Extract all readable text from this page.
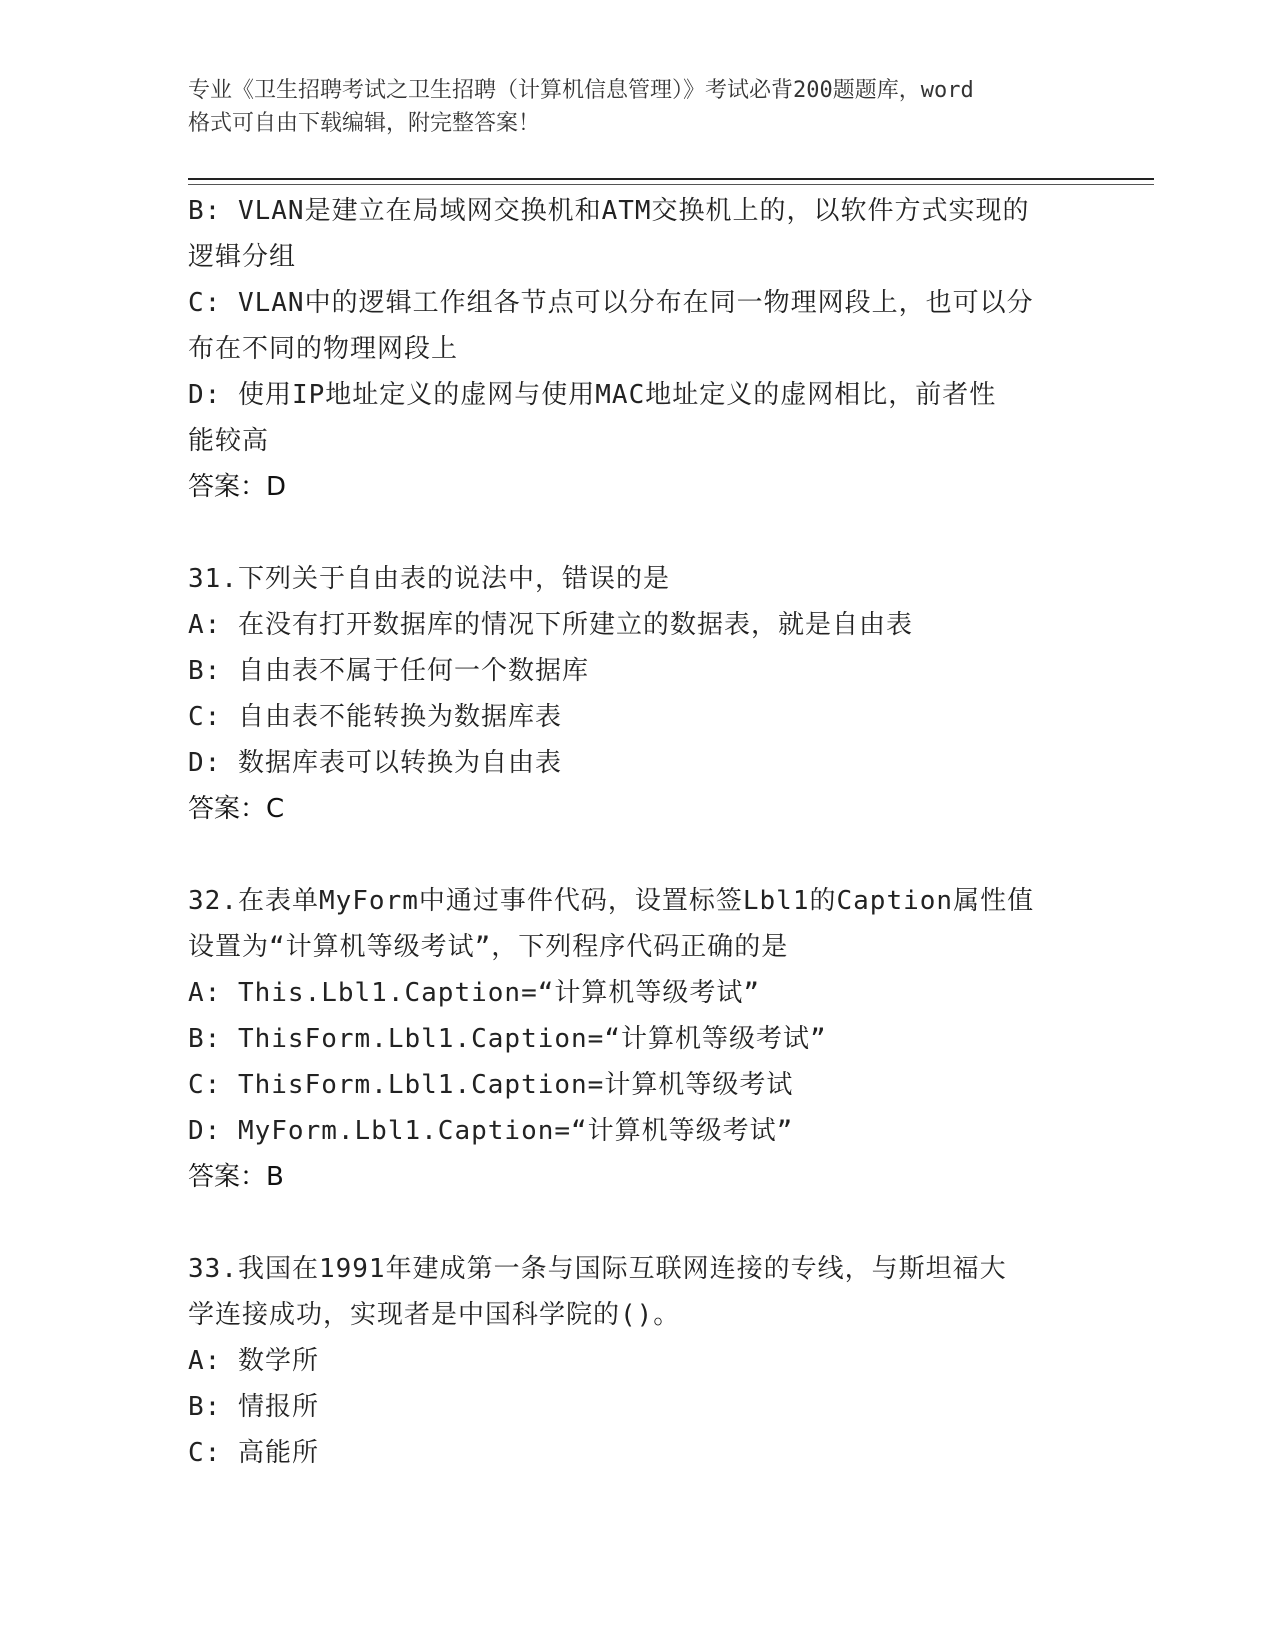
专业《卫生招聘考试之卫生招聘（计算机信息管理）》考试必背200题题库，word
格式可自由下载编辑，附完整答案！
B: VLAN是建立在局域网交换机和ATM交换机上的，以软件方式实现的
逻辑分组
C: VLAN中的逻辑工作组各节点可以分布在同一物理网段上，也可以分
布在不同的物理网段上
D: 使用IP地址定义的虚网与使用MAC地址定义的虚网相比，前者性
能较高
答案：D
31.下列关于自由表的说法中，错误的是
A: 在没有打开数据库的情况下所建立的数据表，就是自由表
B: 自由表不属于任何一个数据库
C: 自由表不能转换为数据库表
D: 数据库表可以转换为自由表
答案：C
32.在表单MyForm中通过事件代码，设置标签Lbl1的Caption属性值
设置为“计算机等级考试”，下列程序代码正确的是
A: This.Lbl1.Caption=“计算机等级考试”
B: ThisForm.Lbl1.Caption=“计算机等级考试”
C: ThisForm.Lbl1.Caption=计算机等级考试
D: MyForm.Lbl1.Caption=“计算机等级考试”
答案：B
33.我国在1991年建成第一条与国际互联网连接的专线，与斯坦福大
学连接成功，实现者是中国科学院的()。
A: 数学所
B: 情报所
C: 高能所
